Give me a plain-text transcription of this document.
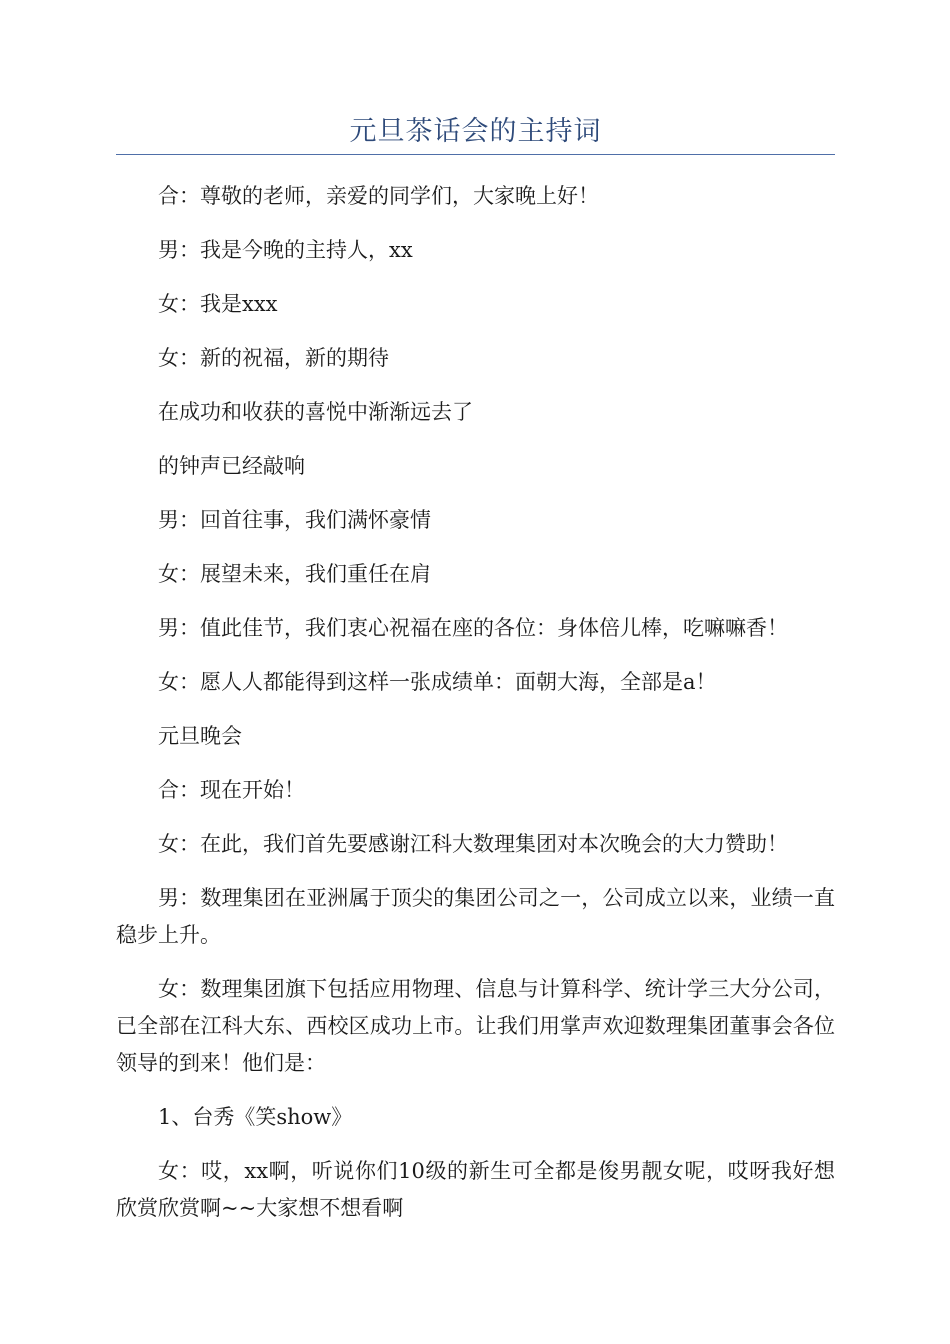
元旦茶话会的主持词

合：尊敬的老师，亲爱的同学们，大家晚上好！

男：我是今晚的主持人，xx

女：我是xxx

女：新的祝福，新的期待

在成功和收获的喜悦中渐渐远去了

的钟声已经敲响

男：回首往事，我们满怀豪情

女：展望未来，我们重任在肩

男：值此佳节，我们衷心祝福在座的各位：身体倍儿棒，吃嘛嘛香！

女：愿人人都能得到这样一张成绩单：面朝大海，全部是a！

元旦晚会

合：现在开始！

女：在此，我们首先要感谢江科大数理集团对本次晚会的大力赞助！

男：数理集团在亚洲属于顶尖的集团公司之一，公司成立以来，业绩一直稳步上升。

女：数理集团旗下包括应用物理、信息与计算科学、统计学三大分公司，已全部在江科大东、西校区成功上市。让我们用掌声欢迎数理集团董事会各位领导的到来！他们是：

1、台秀《笑show》

女：哎，xx啊，听说你们10级的新生可全都是俊男靓女呢，哎呀我好想欣赏欣赏啊~~大家想不想看啊
